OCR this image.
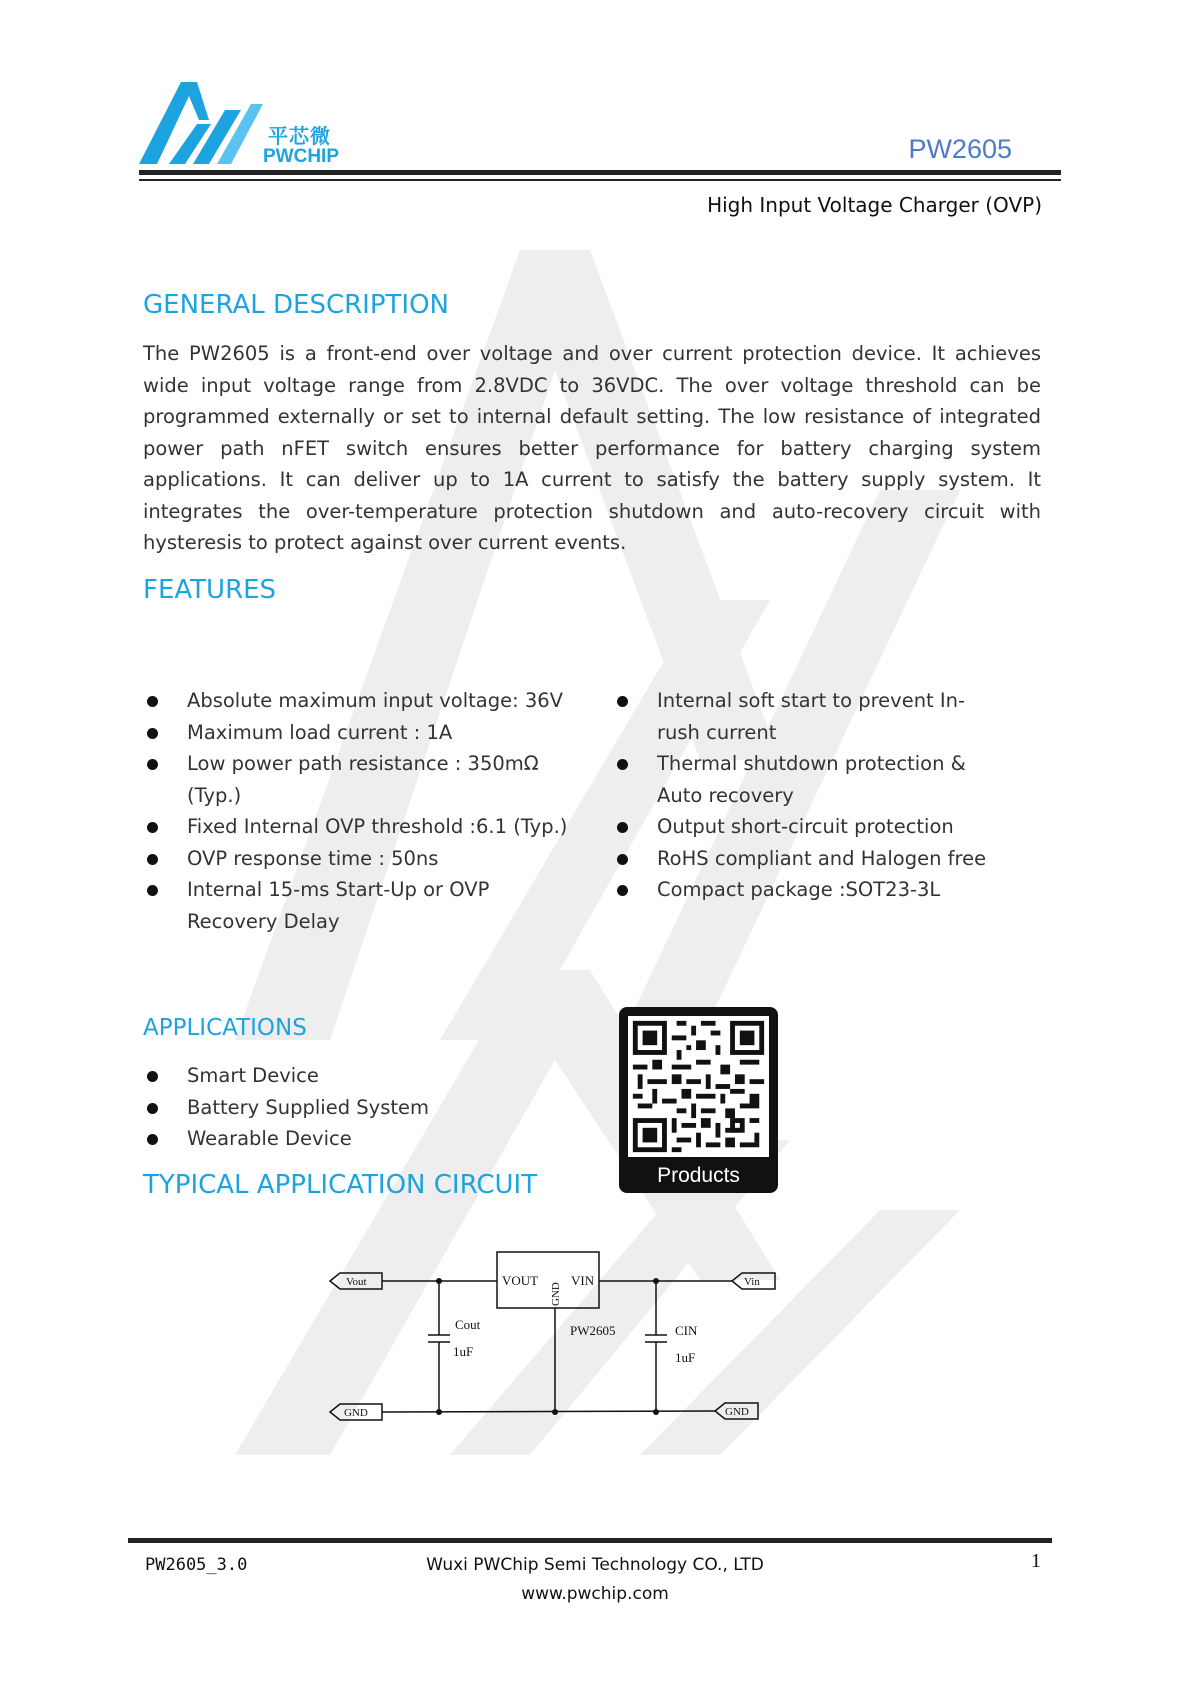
平芯微
PWCHIP	PW2605
High Input Voltage Charger (OVP)
GENERAL DESCRIPTION

The PW2605 is a front-end over voltage and over current protection device. It achieves wide input voltage range from 2.8VDC to 36VDC. The over voltage threshold can be programmed externally or set to internal default setting. The low resistance of integrated power path nFET switch ensures better performance for battery charging system applications. It can deliver up to 1A current to satisfy the battery supply system. It integrates the over-temperature protection shutdown and auto-recovery circuit with hysteresis to protect against over current events.

FEATURES
Absolute maximum input voltage: 36V
Maximum load current : 1A
Low power path resistance : 350mΩ (Typ.)
Fixed Internal OVP threshold :6.1 (Typ.)
OVP response time : 50ns
Internal 15-ms Start-Up or OVP Recovery Delay
Internal soft start to prevent In-rush current
Thermal shutdown protection & Auto recovery
Output short-circuit protection
RoHS compliant and Halogen free
Compact package :SOT23-3L
APPLICATIONS
Smart Device
Battery Supplied System
Wearable Device
Products
TYPICAL APPLICATION CIRCUIT
Vout	Vin
GND	GND
VOUT	VIN
GND
PW2605
Cout
1uF
CIN
1uF
PW2605_3.0	Wuxi PWChip Semi Technology CO., LTD
www.pwchip.com
1
